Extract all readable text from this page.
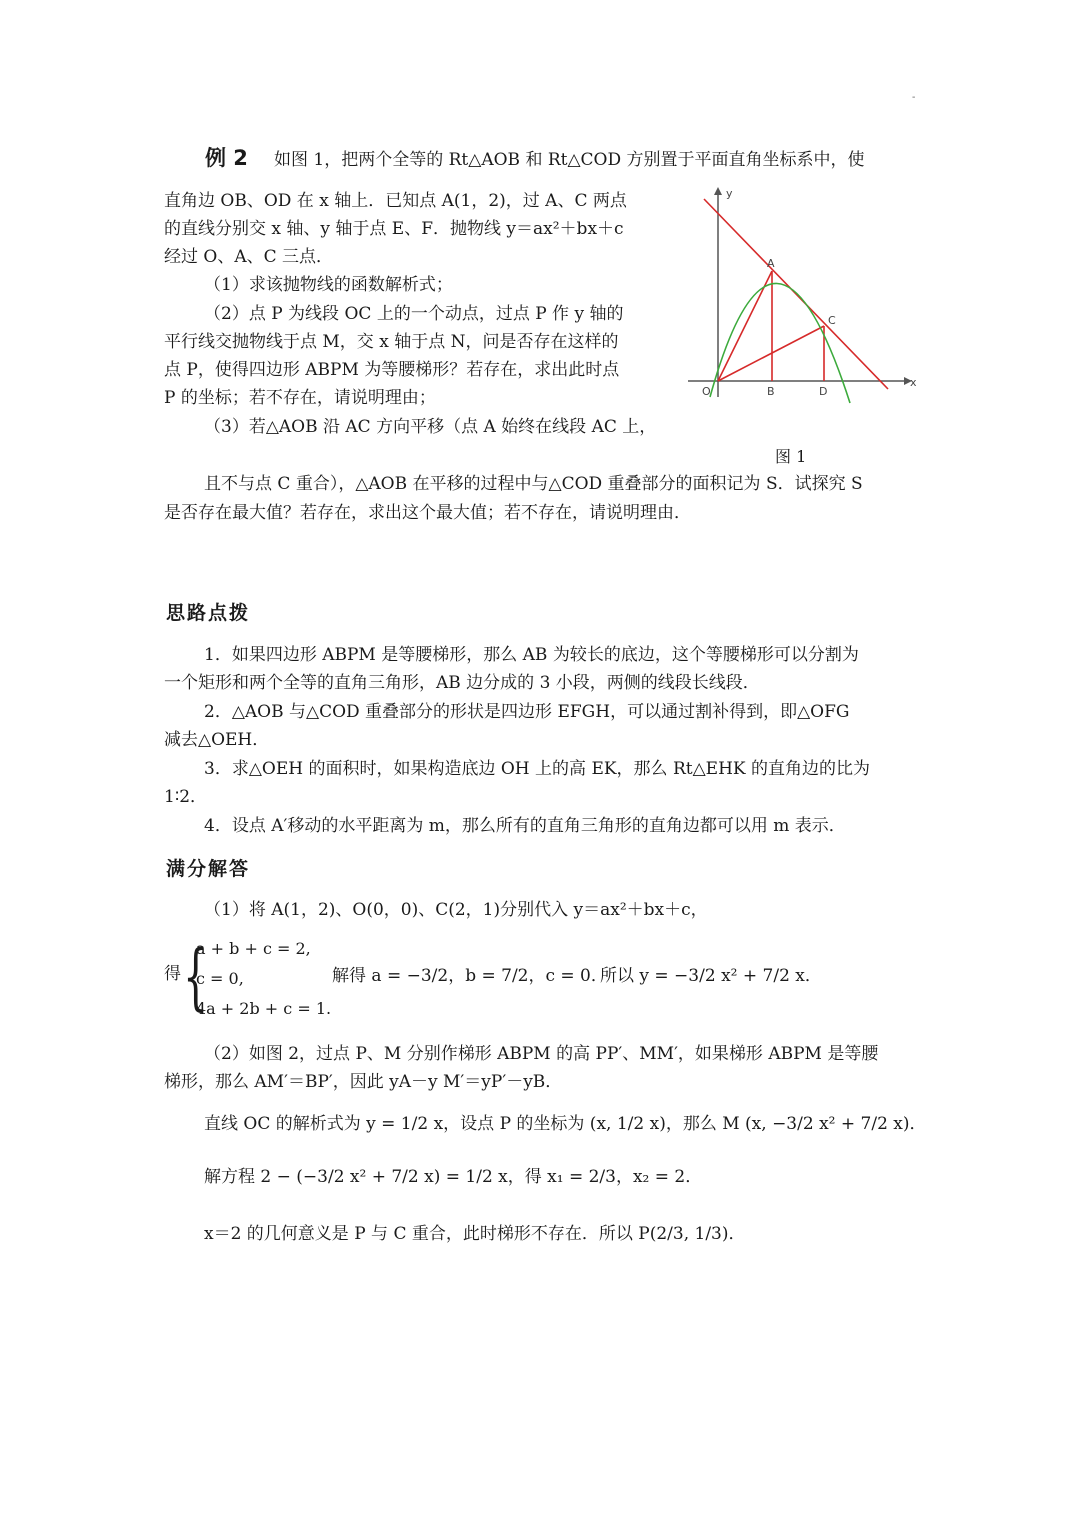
-
例 2 如图 1，把两个全等的 Rt△AOB 和 Rt△COD 方别置于平面直角坐标系中，使
直角边 OB、OD 在 x 轴上．已知点 A(1，2)，过 A、C 两点
的直线分别交 x 轴、y 轴于点 E、F．抛物线 y＝ax²＋bx＋c
经过 O、A、C 三点．
（1）求该抛物线的函数解析式；
（2）点 P 为线段 OC 上的一个动点，过点 P 作 y 轴的
平行线交抛物线于点 M，交 x 轴于点 N，问是否存在这样的
点 P，使得四边形 ABPM 为等腰梯形？若存在，求出此时点
P 的坐标；若不存在，请说明理由；
（3）若△AOB 沿 AC 方向平移（点 A 始终在线段 AC 上，
且不与点 C 重合），△AOB 在平移的过程中与△COD 重叠部分的面积记为 S．试探究 S
是否存在最大值？若存在，求出这个最大值；若不存在，请说明理由．
y
x
O
A
B
C
D
图 1
思路点拨
1．如果四边形 ABPM 是等腰梯形，那么 AB 为较长的底边，这个等腰梯形可以分割为
一个矩形和两个全等的直角三角形，AB 边分成的 3 小段，两侧的线段长线段．
2．△AOB 与△COD 重叠部分的形状是四边形 EFGH，可以通过割补得到，即△OFG
减去△OEH．
3．求△OEH 的面积时，如果构造底边 OH 上的高 EK，那么 Rt△EHK 的直角边的比为
1∶2．
4．设点 A′移动的水平距离为 m，那么所有的直角三角形的直角边都可以用 m 表示．
满分解答
（1）将 A(1，2)、O(0，0)、C(2，1)分别代入 y＝ax²＋bx＋c，
得 {
a + b + c = 2,
c = 0,
4a + 2b + c = 1.
解得 a = −3/2，b = 7/2，c = 0．
所以 y = −3/2 x² + 7/2 x．
（2）如图 2，过点 P、M 分别作梯形 ABPM 的高 PP′、MM′，如果梯形 ABPM 是等腰
梯形，那么 AM′＝BP′，因此 yA－y M′＝yP′－yB．
直线 OC 的解析式为 y = 1/2 x，设点 P 的坐标为 (x, 1/2 x)，那么 M (x, −3/2 x² + 7/2 x)．
解方程 2 − (−3/2 x² + 7/2 x) = 1/2 x，得 x₁ = 2/3，x₂ = 2．
x＝2 的几何意义是 P 与 C 重合，此时梯形不存在．所以 P(2/3, 1/3)．
